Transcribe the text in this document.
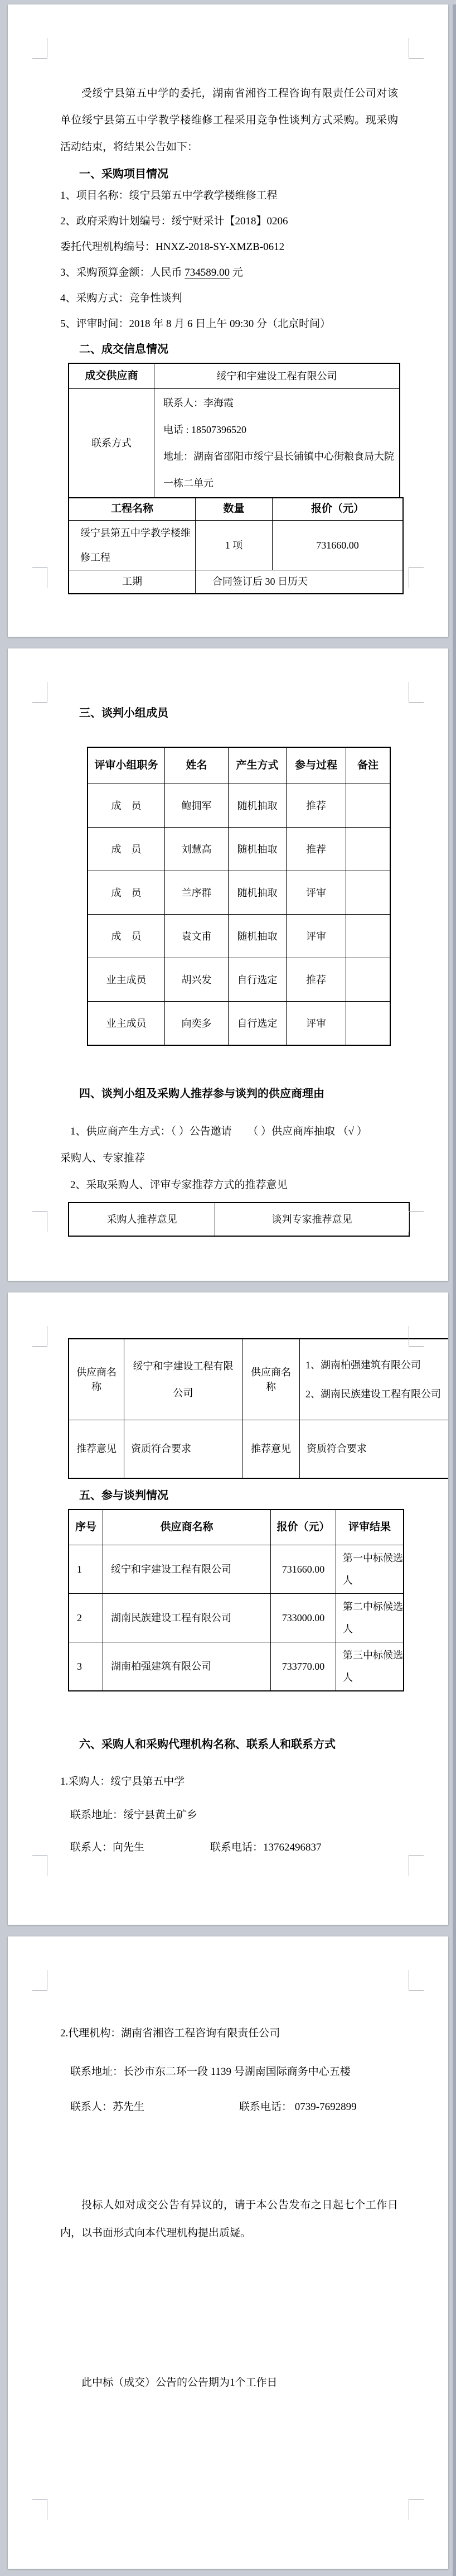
受绥宁县第五中学的委托，湖南省湘咨工程咨询有限责任公司对该单位绥宁县第五中学教学楼维修工程采用竞争性谈判方式采购。现采购活动结束，将结果公告如下：

一、采购项目情况

1、项目名称：绥宁县第五中学教学楼维修工程

2、政府采购计划编号：绥宁财采计【2018】0206

委托代理机构编号：HNXZ-2018-SY-XMZB-0612

3、采购预算金额：人民币 734589.00 元

4、采购方式：竞争性谈判

5、评审时间：2018 年 8 月 6 日上午 09:30 分（北京时间）

二、成交信息情况
成交供应商	绥宁和宇建设工程有限公司
联系方式	联系人：李海霞
电话 : 18507396520
地址：湖南省邵阳市绥宁县长铺镇中心街粮食局大院一栋二单元
工程名称	数量	报价（元）
绥宁县第五中学教学楼维修工程	1 项	731660.00
工期	合同签订后 30 日历天	
三、谈判小组成员
评审小组职务	姓名	产生方式	参与过程	备注
成　员	鲍拥军	随机抽取	推荐	
成　员	刘慧高	随机抽取	推荐	
成　员	兰序群	随机抽取	评审	
成　员	袁文甫	随机抽取	评审	
业主成员	胡兴发	自行选定	推荐	
业主成员	向奕多	自行选定	评审	
四、谈判小组及采购人推荐参与谈判的供应商理由

1、供应商产生方式：（ ）公告邀请　　（ ）供应商库抽取 （√ ）

采购人、专家推荐

2、采取采购人、评审专家推荐方式的推荐意见

采购人推荐意见	谈判专家推荐意见
供应商名称	绥宁和宇建设工程有限公司	供应商名称	1、湖南柏强建筑有限公司
2、湖南民族建设工程有限公司

推荐意见	资质符合要求	推荐意见	资质符合要求
五、参与谈判情况
序号	供应商名称	报价（元）	评审结果
1	绥宁和宇建设工程有限公司	731660.00	第一中标候选人
2	湖南民族建设工程有限公司	733000.00	第二中标候选人
3	湖南柏强建筑有限公司	733770.00	第三中标候选人
六、采购人和采购代理机构名称、联系人和联系方式

1.采购人：绥宁县第五中学

联系地址：绥宁县黄土矿乡

联系人：向先生	联系电话：13762496837

2.代理机构：湖南省湘咨工程咨询有限责任公司

联系地址：长沙市东二环一段 1139 号湖南国际商务中心五楼

联系人：苏先生	联系电话： 0739-7692899

投标人如对成交公告有异议的，请于本公告发布之日起七个工作日内，以书面形式向本代理机构提出质疑。

此中标（成交）公告的公告期为1个工作日
